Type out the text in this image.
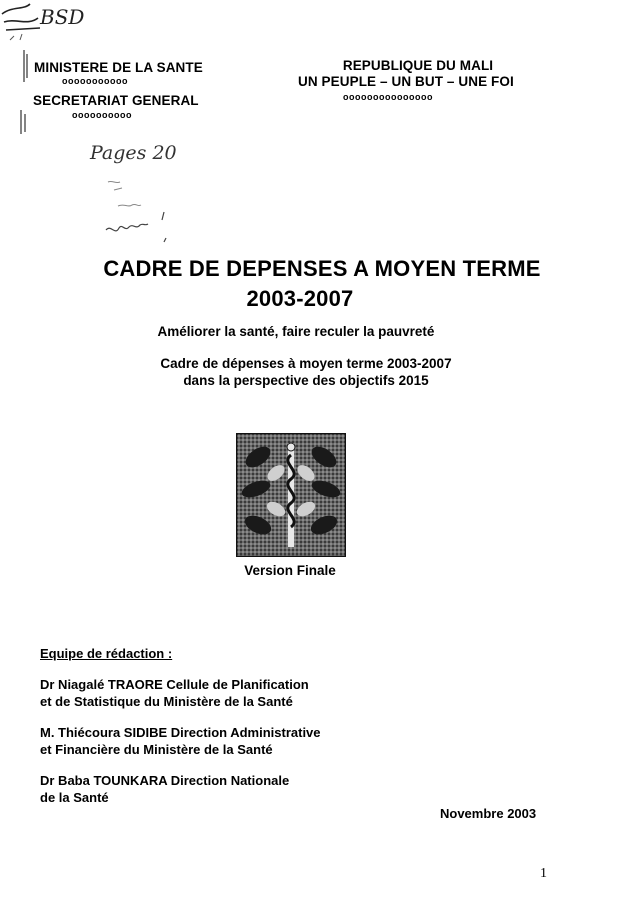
BSD
MINISTERE DE LA SANTE
ooooooooooo
SECRETARIAT GENERAL
oooooooooo
REPUBLIQUE DU MALI
UN PEUPLE – UN BUT – UNE FOI
ooooooooooooooo
Pages 20
CADRE DE DEPENSES A MOYEN TERME
2003-2007
Améliorer la santé, faire reculer la pauvreté
Cadre de dépenses à moyen terme 2003-2007
dans la perspective des objectifs 2015
Version Finale
Equipe de rédaction :
Dr Niagalé TRAORE Cellule de Planification
et de Statistique du Ministère de la Santé
M. Thiécoura SIDIBE Direction Administrative
et Financière du Ministère de la Santé
Dr Baba TOUNKARA Direction Nationale
de la Santé
Novembre 2003
1
